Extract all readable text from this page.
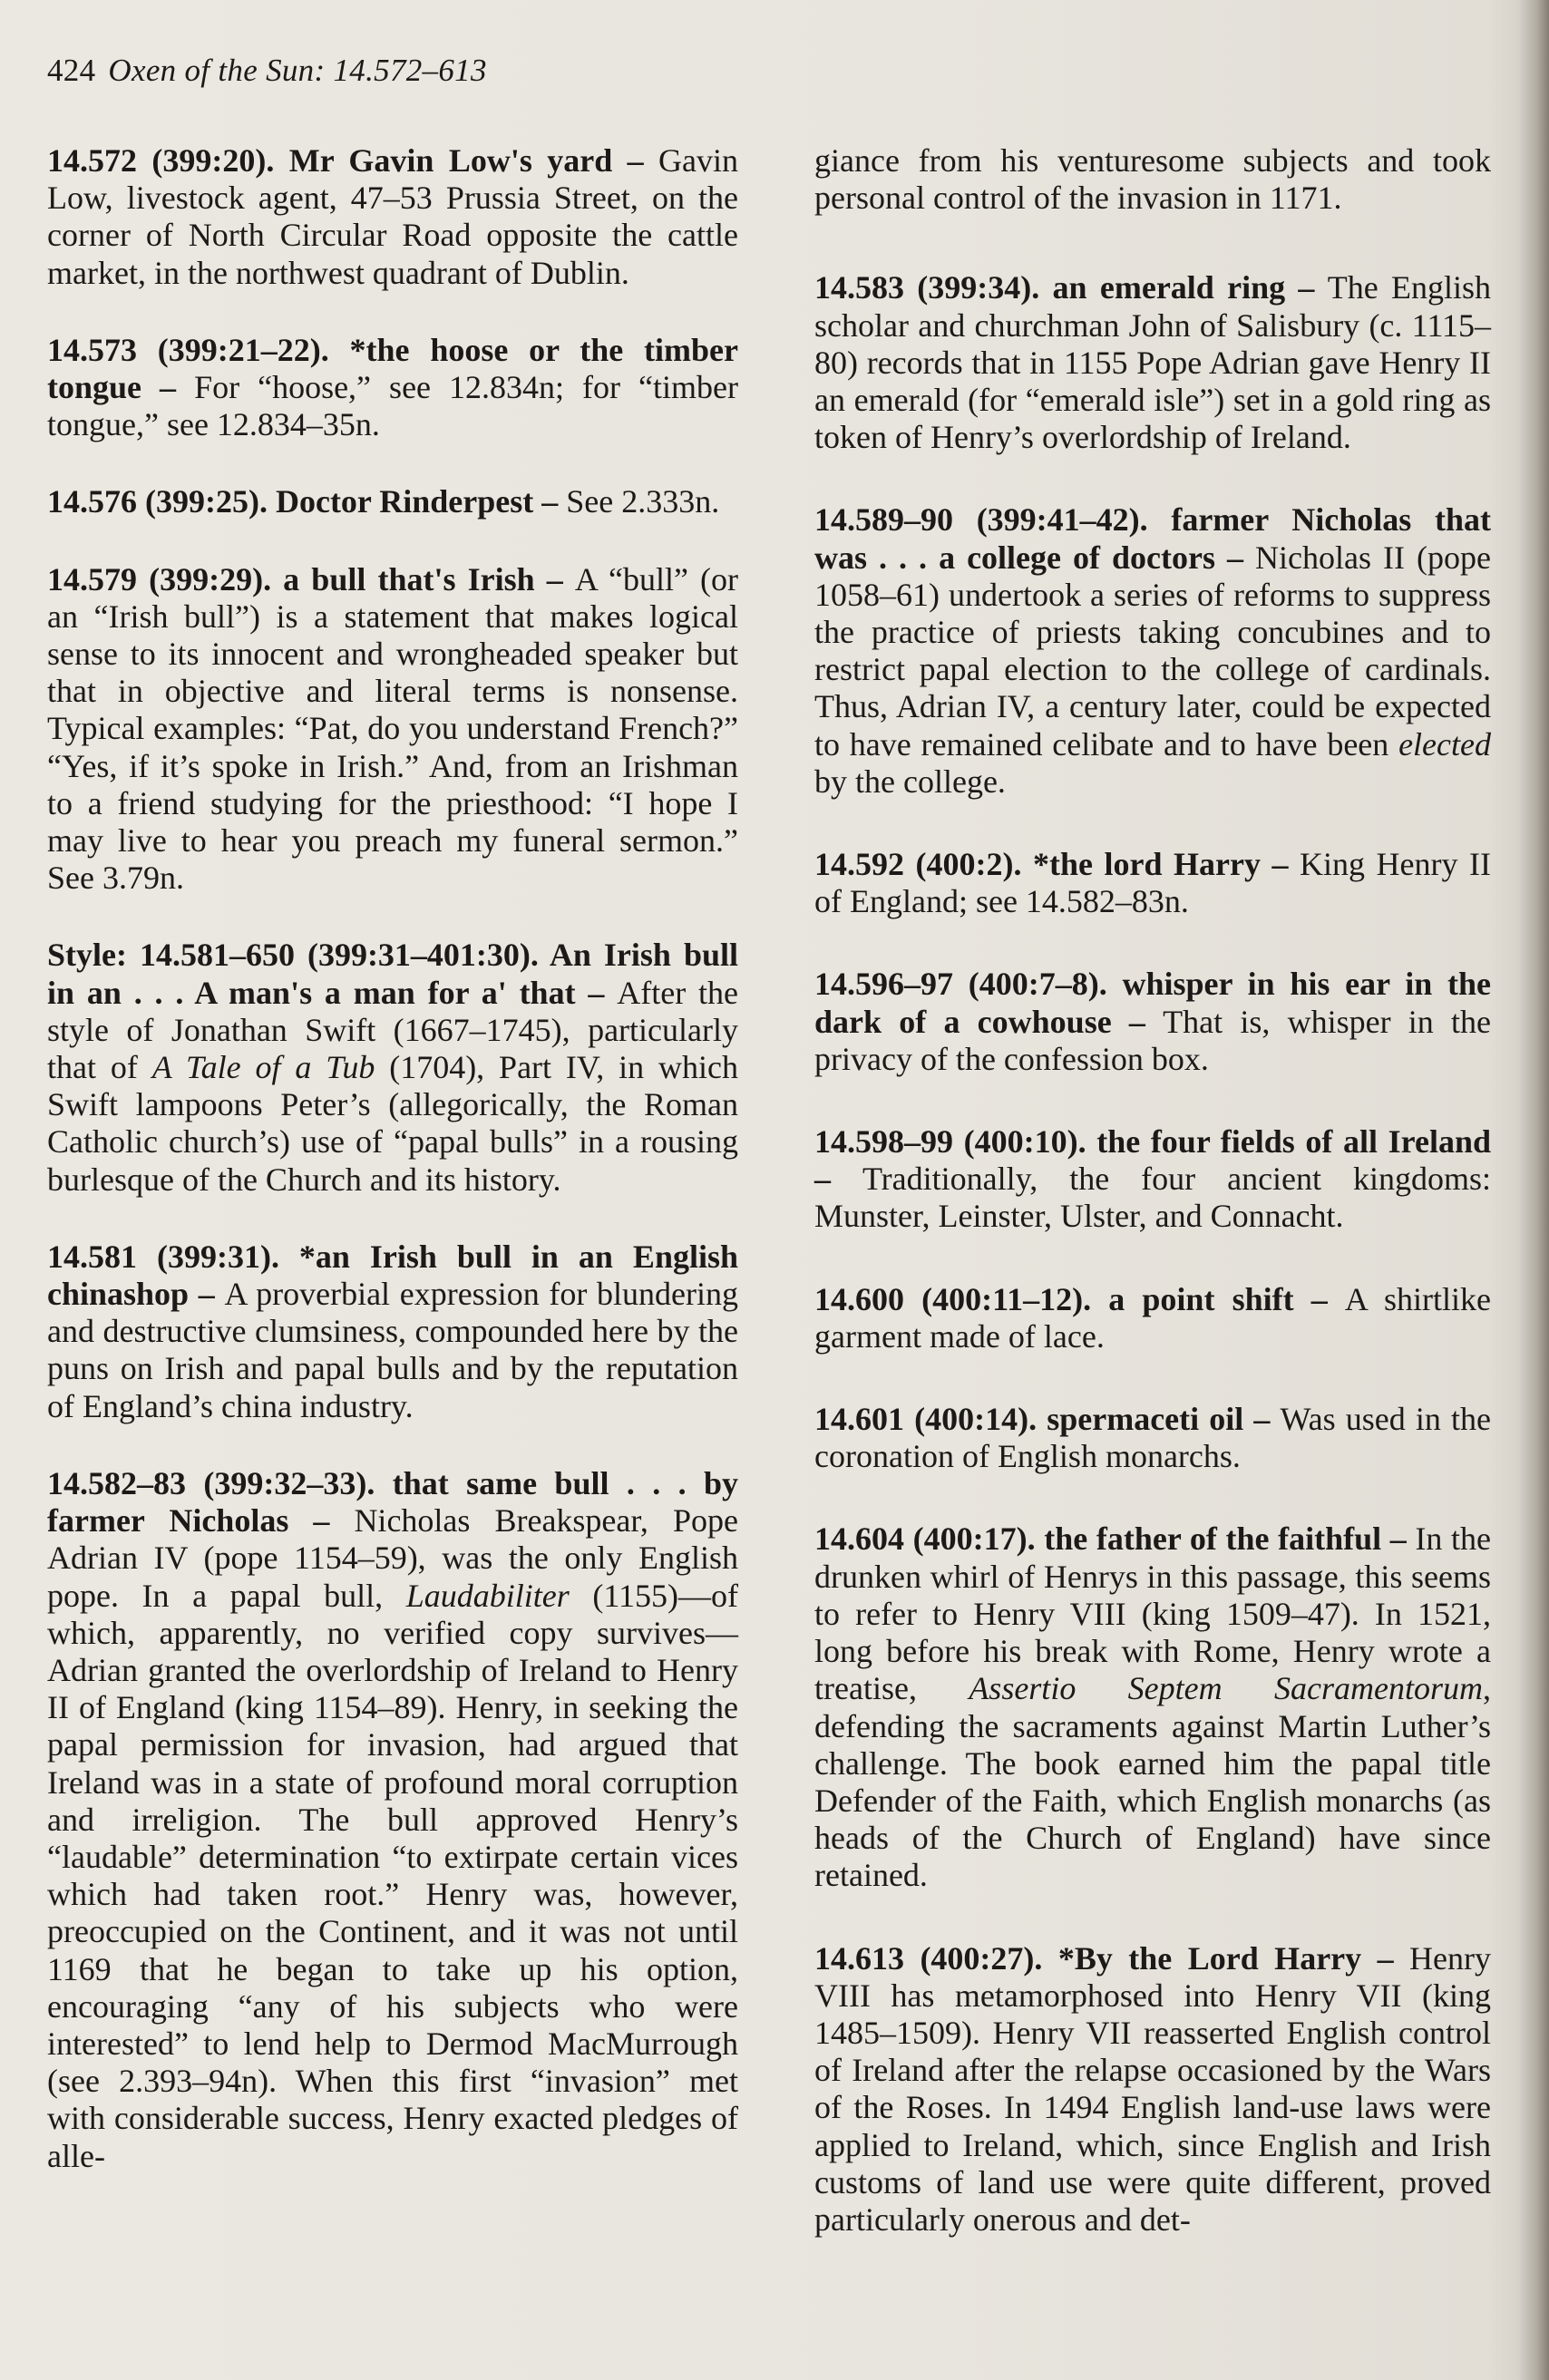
424 Oxen of the Sun: 14.572–613
14.572 (399:20). Mr Gavin Low's yard – Gavin Low, livestock agent, 47–53 Prussia Street, on the corner of North Circular Road opposite the cattle market, in the northwest quadrant of Dublin.
14.573 (399:21–22). *the hoose or the timber tongue – For “hoose,” see 12.834n; for “timber tongue,” see 12.834–35n.
14.576 (399:25). Doctor Rinderpest – See 2.333n.
14.579 (399:29). a bull that's Irish – A “bull” (or an “Irish bull”) is a statement that makes logical sense to its innocent and wrongheaded speaker but that in objective and literal terms is nonsense. Typical examples: “Pat, do you understand French?” “Yes, if it’s spoke in Irish.” And, from an Irishman to a friend studying for the priesthood: “I hope I may live to hear you preach my funeral sermon.” See 3.79n.
Style: 14.581–650 (399:31–401:30). An Irish bull in an . . . A man's a man for a' that – After the style of Jonathan Swift (1667–1745), particularly that of A Tale of a Tub (1704), Part IV, in which Swift lampoons Peter’s (allegorically, the Roman Catholic church’s) use of “papal bulls” in a rousing burlesque of the Church and its history.
14.581 (399:31). *an Irish bull in an English chinashop – A proverbial expression for blundering and destructive clumsiness, compounded here by the puns on Irish and papal bulls and by the reputation of England’s china industry.
14.582–83 (399:32–33). that same bull . . . by farmer Nicholas – Nicholas Breakspear, Pope Adrian IV (pope 1154–59), was the only English pope. In a papal bull, Laudabiliter (1155)—of which, apparently, no verified copy survives—Adrian granted the overlordship of Ireland to Henry II of England (king 1154–89). Henry, in seeking the papal permission for invasion, had argued that Ireland was in a state of profound moral corruption and irreligion. The bull approved Henry’s “laudable” determination “to extirpate certain vices which had taken root.” Henry was, however, preoccupied on the Continent, and it was not until 1169 that he began to take up his option, encouraging “any of his subjects who were interested” to lend help to Dermod MacMurrough (see 2.393–94n). When this first “invasion” met with considerable success, Henry exacted pledges of alle-
giance from his venturesome subjects and took personal control of the invasion in 1171.
14.583 (399:34). an emerald ring – The English scholar and churchman John of Salisbury (c. 1115–80) records that in 1155 Pope Adrian gave Henry II an emerald (for “emerald isle”) set in a gold ring as token of Henry’s overlordship of Ireland.
14.589–90 (399:41–42). farmer Nicholas that was . . . a college of doctors – Nicholas II (pope 1058–61) undertook a series of reforms to suppress the practice of priests taking concubines and to restrict papal election to the college of cardinals. Thus, Adrian IV, a century later, could be expected to have remained celibate and to have been elected by the college.
14.592 (400:2). *the lord Harry – King Henry II of England; see 14.582–83n.
14.596–97 (400:7–8). whisper in his ear in the dark of a cowhouse – That is, whisper in the privacy of the confession box.
14.598–99 (400:10). the four fields of all Ireland – Traditionally, the four ancient kingdoms: Munster, Leinster, Ulster, and Connacht.
14.600 (400:11–12). a point shift – A shirtlike garment made of lace.
14.601 (400:14). spermaceti oil – Was used in the coronation of English monarchs.
14.604 (400:17). the father of the faithful – In the drunken whirl of Henrys in this passage, this seems to refer to Henry VIII (king 1509–47). In 1521, long before his break with Rome, Henry wrote a treatise, Assertio Septem Sacramentorum, defending the sacraments against Martin Luther’s challenge. The book earned him the papal title Defender of the Faith, which English monarchs (as heads of the Church of England) have since retained.
14.613 (400:27). *By the Lord Harry – Henry VIII has metamorphosed into Henry VII (king 1485–1509). Henry VII reasserted English control of Ireland after the relapse occasioned by the Wars of the Roses. In 1494 English land-use laws were applied to Ireland, which, since English and Irish customs of land use were quite different, proved particularly onerous and det-
